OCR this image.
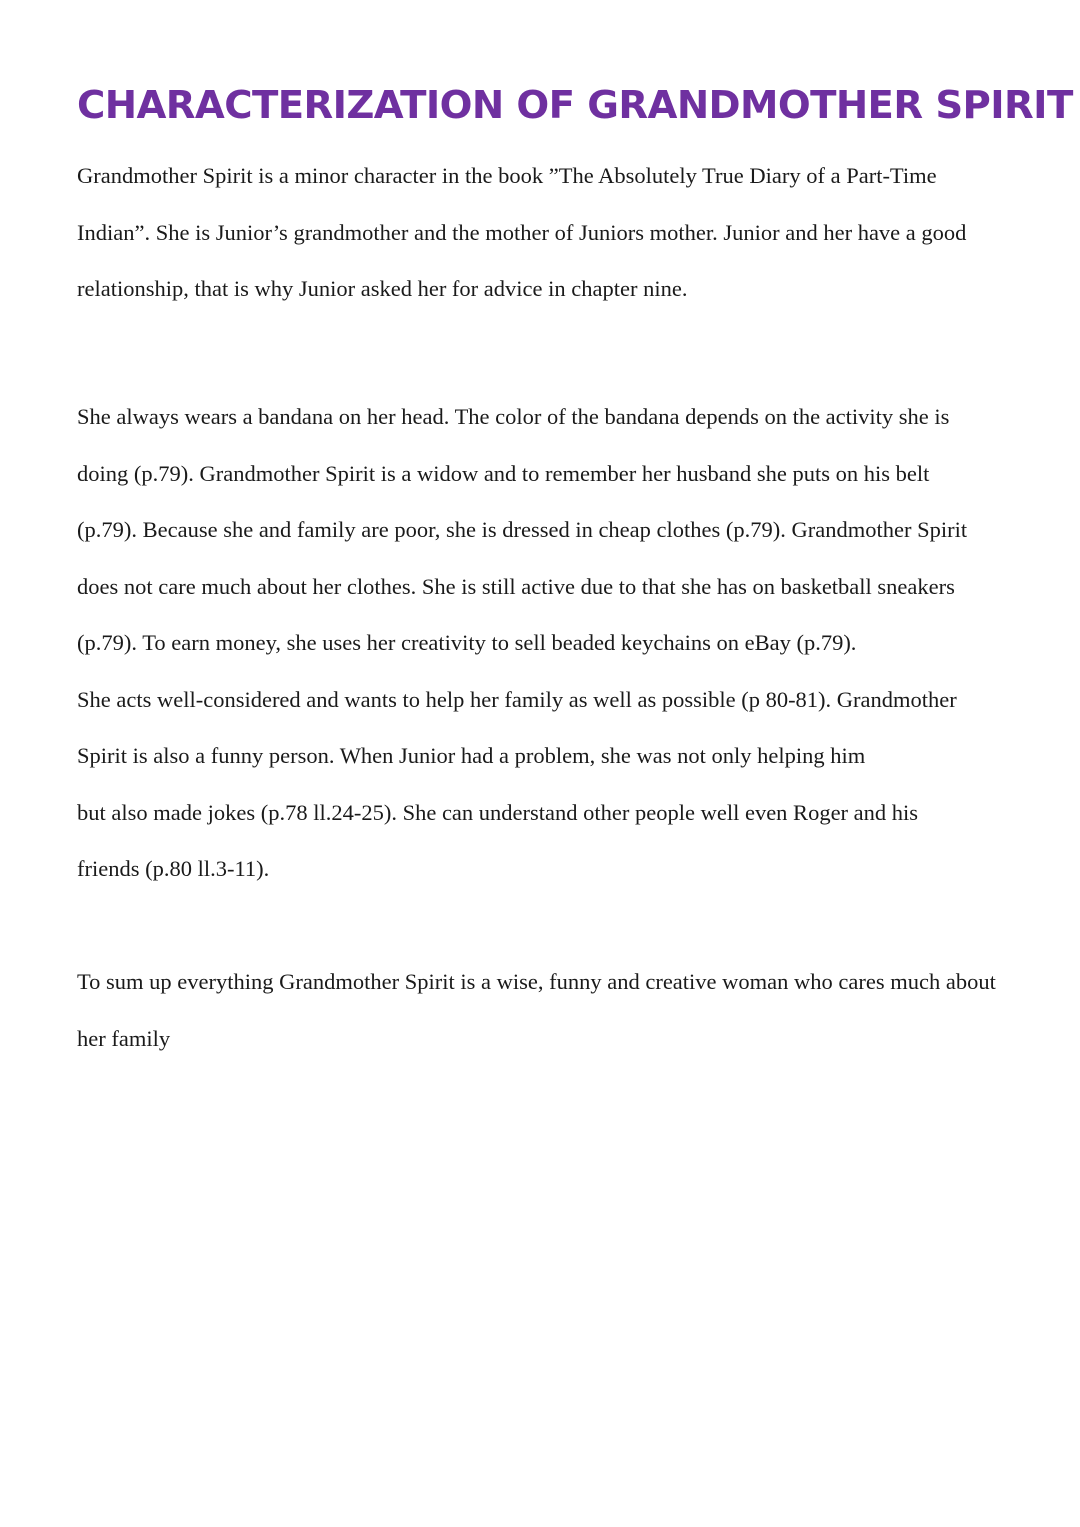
CHARACTERIZATION OF GRANDMOTHER SPIRIT

Grandmother Spirit is a minor character in the book ”The Absolutely True Diary of a Part-Time
Indian”. She is Junior’s grandmother and the mother of Juniors mother. Junior and her have a good
relationship, that is why Junior asked her for advice in chapter nine.

She always wears a bandana on her head. The color of the bandana depends on the activity she is
doing (p.79). Grandmother Spirit is a widow and to remember her husband she puts on his belt
(p.79). Because she and family are poor, she is dressed in cheap clothes (p.79). Grandmother Spirit
does not care much about her clothes. She is still active due to that she has on basketball sneakers
(p.79). To earn money, she uses her creativity to sell beaded keychains on eBay (p.79).
She acts well-considered and wants to help her family as well as possible (p 80-81). Grandmother
Spirit is also a funny person. When Junior had a problem, she was not only helping him
but also made jokes (p.78 ll.24-25). She can understand other people well even Roger and his
friends (p.80 ll.3-11).

To sum up everything Grandmother Spirit is a wise, funny and creative woman who cares much about
her family
